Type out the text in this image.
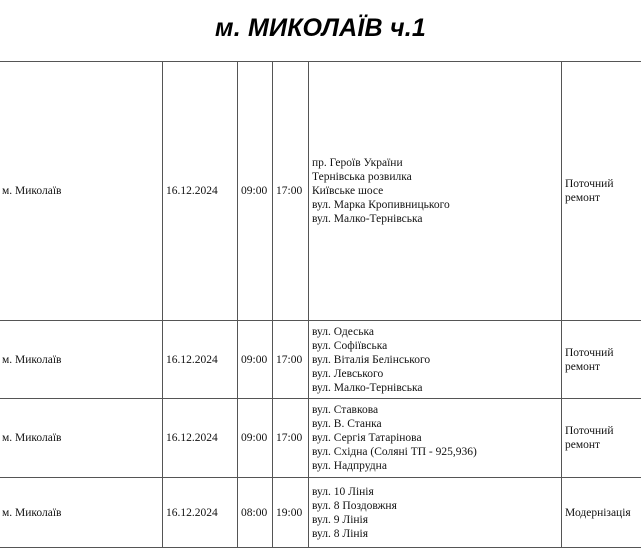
м. МИКОЛАЇВ ч.1
м. Миколаїв	16.12.2024	09:00	17:00	пр. Героїв України
Тернівська розвилка
Київське шосе
вул. Марка Кропивницького
вул. Малко-Тернівська	Поточний
ремонт

м. Миколаїв	16.12.2024	09:00	17:00	вул. Одеська
вул. Софіївська
вул. Віталія Белінського
вул. Левського
вул. Малко-Тернівська	Поточний
ремонт

м. Миколаїв	16.12.2024	09:00	17:00	вул. Ставкова
вул. В. Станка
вул. Сергія Татарінова
вул. Східна (Соляні ТП - 925,936)
вул. Надпрудна	Поточний
ремонт

м. Миколаїв	16.12.2024	08:00	19:00	вул. 10 Лінія
вул. 8 Поздовжня
вул. 9 Лінія
вул. 8 Лінія	Модернізація
